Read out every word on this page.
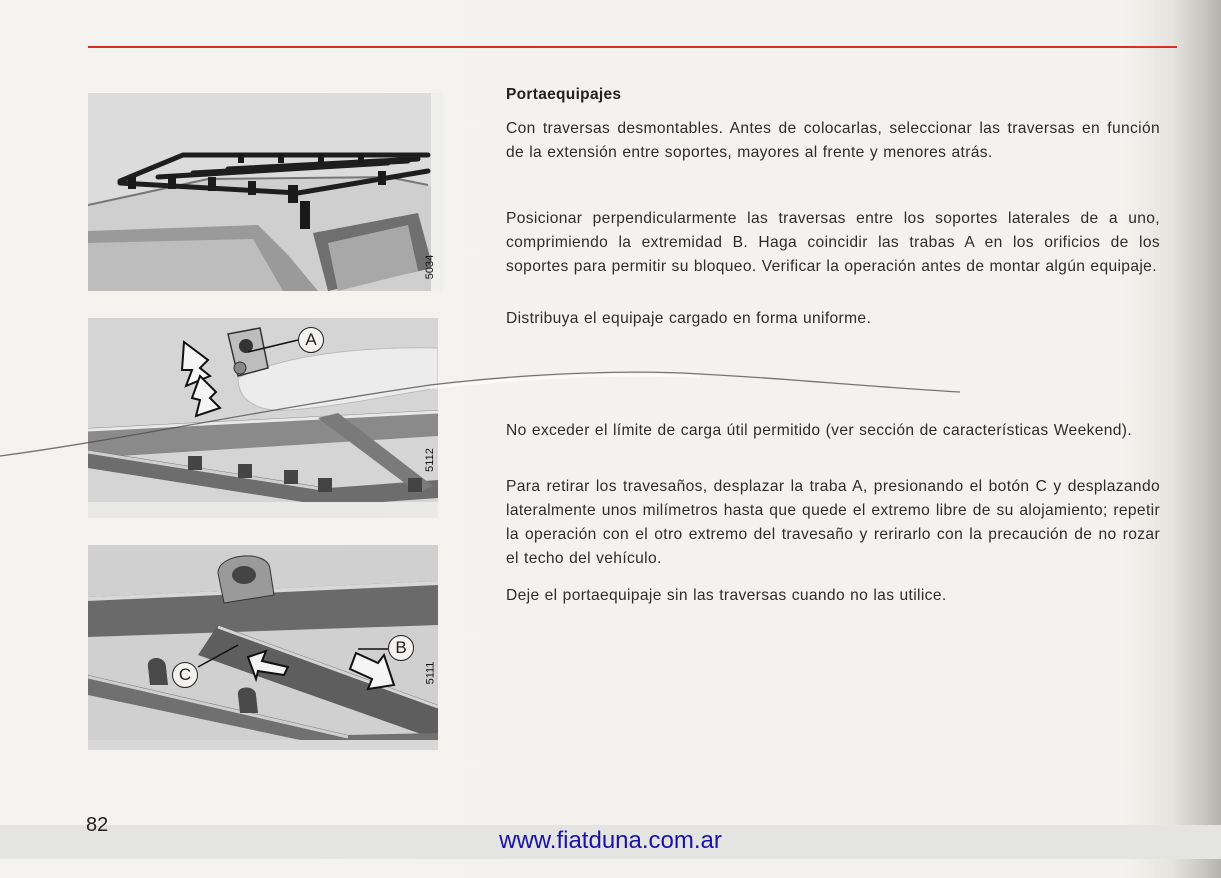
5034
A
5112
B
C	5111
Portaequipajes

Con traversas desmontables. Antes de colocarlas, seleccionar las traversas en función de la extensión entre soportes, mayores al frente y menores atrás.

Posicionar perpendicularmente las traversas entre los soportes laterales de a uno, comprimiendo la extremidad B. Haga coincidir las trabas A en los orificios de los soportes para permitir su bloqueo. Verificar la operación antes de montar algún equipaje.

Distribuya el equipaje cargado en forma uniforme.

No exceder el límite de carga útil permitido (ver sección de características Weekend).

Para retirar los travesaños, desplazar la traba A, presionando el botón C y desplazando lateralmente unos milímetros hasta que quede el extremo libre de su alojamiento; repetir la operación con el otro extremo del travesaño y rerirarlo con la precaución de no rozar el techo del vehículo.

Deje el portaequipaje sin las traversas cuando no las utilice.

82
www.fiatduna.com.ar
